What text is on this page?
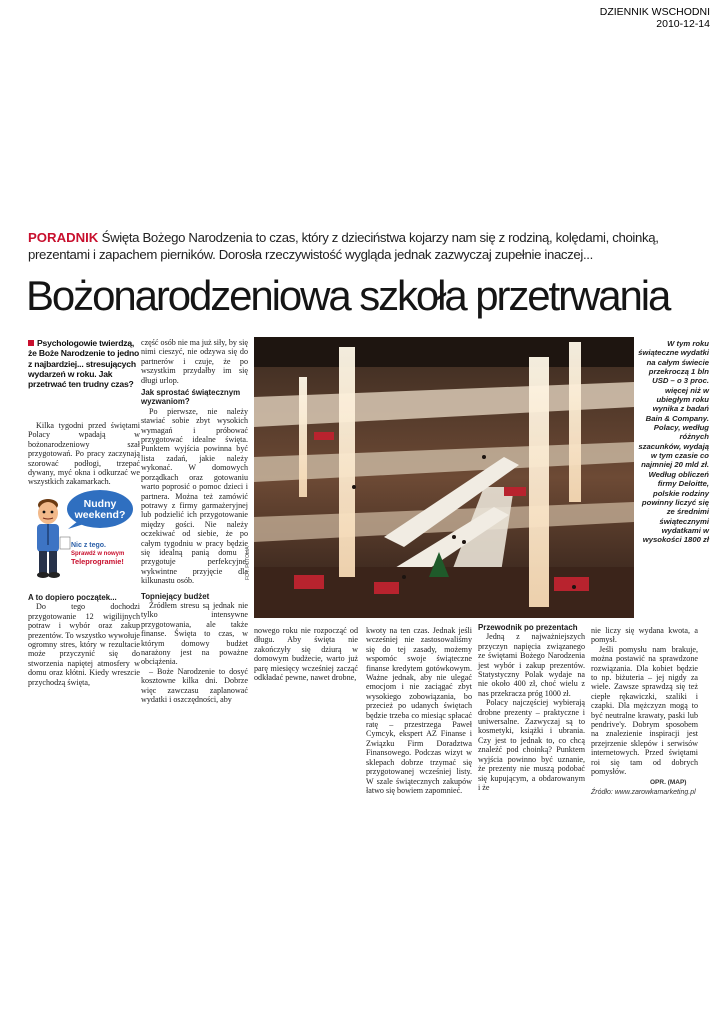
DZIENNIK WSCHODNI
2010-12-14
PORADNIK Święta Bożego Narodzenia to czas, który z dzieciństwa kojarzy nam się z rodziną, kolędami, choinką, prezentami i zapachem pierników. Dorosła rzeczywistość wygląda jednak zazwyczaj zupełnie inaczej...
Bożonarodzeniowa szkoła przetrwania
Psychologowie twierdzą, że Boże Narodzenie to jedno z najbardziej... stresujących wydarzeń w roku. Jak przetrwać ten trudny czas?

Kilka tygodni przed świętami Polacy wpadają w bożonarodzeniowy szał przygotowań. Po pracy zaczynają szorować podłogi, trzepać dywany, myć okna i odkurzać we wszystkich zakamarkach.

Nudny weekend?
Nic z tego.
Sprawdź w nowym
Teleprogramie!
A to dopiero początek...

Do tego dochodzi przygotowanie 12 wigilijnych potraw i wybór oraz zakup prezentów. To wszystko wywołuje ogromny stres, który w rezultacie może przyczynić się do stworzenia napiętej atmosfery w domu oraz kłótni. Kiedy wreszcie przychodzą święta,

część osób nie ma już siły, by się nimi cieszyć, nie odzywa się do partnerów i czuje, że po wszystkim przydałby im się długi urlop.

Jak sprostać świątecznym wyzwaniom?

Po pierwsze, nie należy stawiać sobie zbyt wysokich wymagań i próbować przygotować idealne święta. Punktem wyjścia powinna być lista zadań, jakie należy wykonać. W domowych porządkach oraz gotowaniu warto poprosić o pomoc dzieci i partnera. Można też zamówić potrawy z firmy garmażeryjnej lub podzielić ich przygotowanie między gości. Nie należy oczekiwać od siebie, że po całym tygodniu w pracy będzie się idealną panią domu i przygotuje perfekcyjne, wykwintne przyjęcie dla kilkunastu osób.

Topniejący budżet

Źródłem stresu są jednak nie tylko intensywne przygotowania, ale także finanse. Święta to czas, w którym domowy budżet narażony jest na poważne obciążenia.

– Boże Narodzenie to dosyć kosztowne kilka dni. Dobrze więc zawczasu zaplanować wydatki i oszczędności, aby

FOT. FOTOLIA
W tym roku świąteczne wydatki na całym świecie przekroczą 1 bln USD – o 3 proc. więcej niż w ubiegłym roku wynika z badań Bain & Company. Polacy, według różnych szacunków, wydają w tym czasie co najmniej 20 mld zł. Według obliczeń firmy Deloitte, polskie rodziny powinny liczyć się ze średnimi świątecznymi wydatkami w wysokości 1800 zł

nowego roku nie rozpocząć od długu. Aby święta nie zakończyły się dziurą w domowym budżecie, warto już parę miesięcy wcześniej zacząć odkładać pewne, nawet drobne,

kwoty na ten czas. Jednak jeśli wcześniej nie zastosowaliśmy się do tej zasady, możemy wspomóc swoje świąteczne finanse kredytem gotówkowym. Ważne jednak, aby nie ulegać emocjom i nie zaciągać zbyt wysokiego zobowiązania, bo przecież po udanych świętach będzie trzeba co miesiąc spłacać ratę – przestrzega Paweł Cymcyk, ekspert AZ Finanse i Związku Firm Doradztwa Finansowego. Podczas wizyt w sklepach dobrze trzymać się przygotowanej wcześniej listy. W szale świątecznych zakupów łatwo się bowiem zapomnieć.

Przewodnik po prezentach

Jedną z najważniejszych przyczyn napięcia związanego ze świętami Bożego Narodzenia jest wybór i zakup prezentów. Statystyczny Polak wydaje na nie około 400 zł, choć wielu z nas przekracza próg 1000 zł.

Polacy najczęściej wybierają drobne prezenty – praktyczne i uniwersalne. Zazwyczaj są to kosmetyki, książki i ubrania. Czy jest to jednak to, co chcą znaleźć pod choinką? Punktem wyjścia powinno być uznanie, że prezenty nie muszą podobać się kupującym, a obdarowanym i że

nie liczy się wydana kwota, a pomysł.

Jeśli pomysłu nam brakuje, można postawić na sprawdzone rozwiązania. Dla kobiet będzie to np. biżuteria – jej nigdy za wiele. Zawsze sprawdzą się też ciepłe rękawiczki, szaliki i czapki. Dla mężczyzn mogą to być neutralne krawaty, paski lub pendrive'y. Dobrym sposobem na znalezienie inspiracji jest przejrzenie sklepów i serwisów internetowych. Przed świętami roi się tam od dobrych pomysłów.

OPR. (MAP)
Źródło: www.zarowkamarketing.pl
